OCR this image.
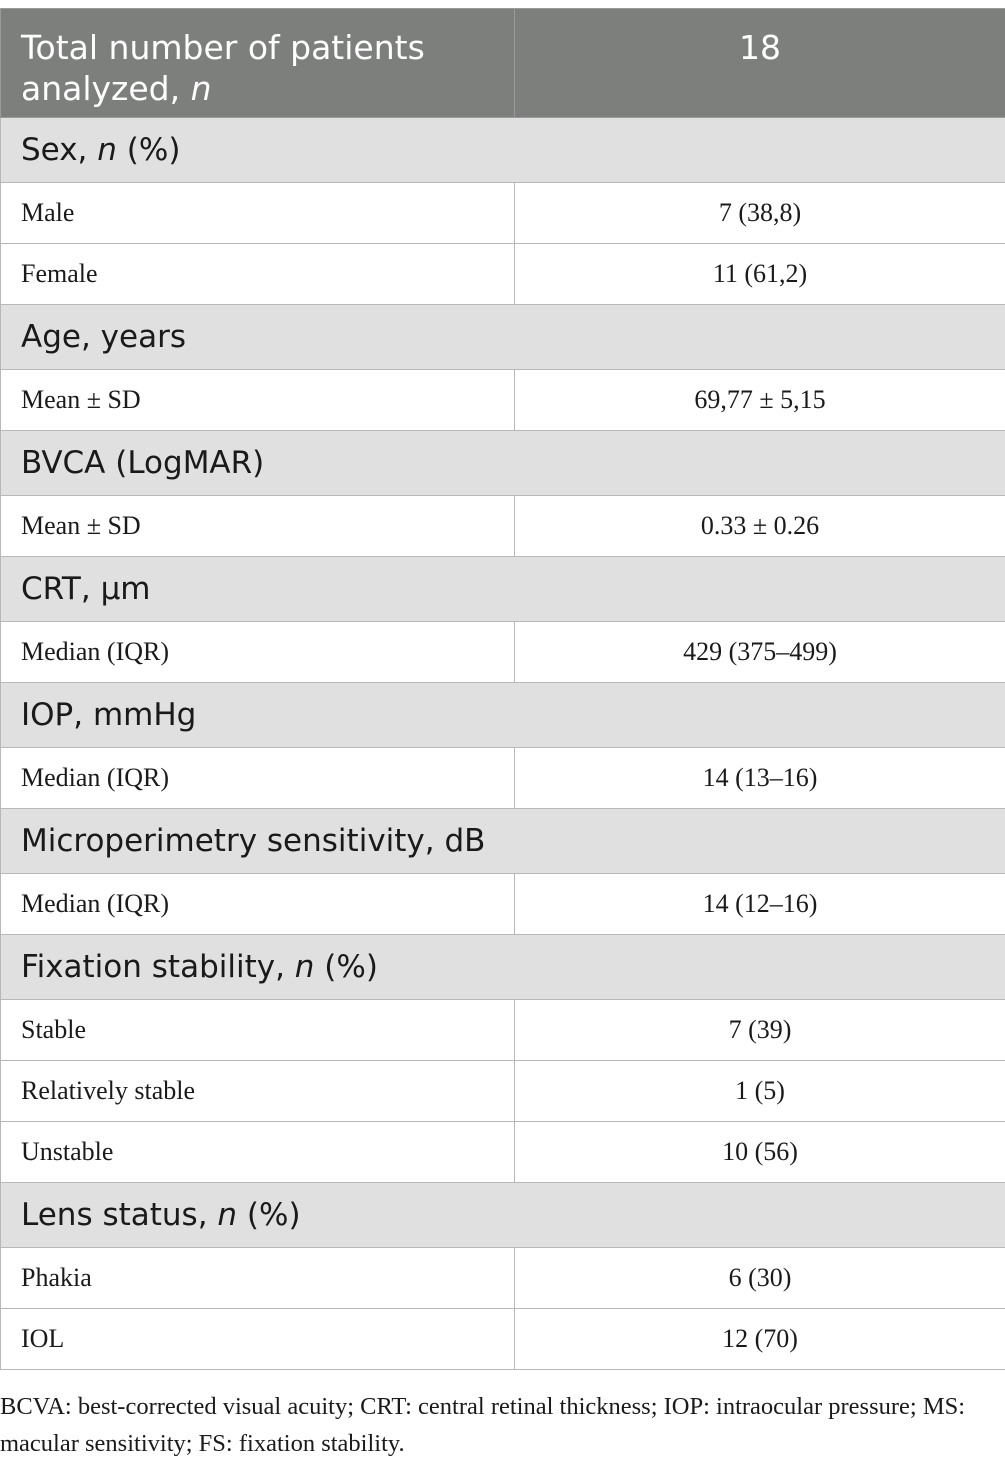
Total number of patients analyzed, n	18
Sex, n (%)	
Male	7 (38,8)
Female	11 (61,2)
Age, years	
Mean ± SD	69,77 ± 5,15
BVCA (LogMAR)	
Mean ± SD	0.33 ± 0.26
CRT, μm	
Median (IQR)	429 (375–499)
IOP, mmHg	
Median (IQR)	14 (13–16)
Microperimetry sensitivity, dB	
Median (IQR)	14 (12–16)
Fixation stability, n (%)	
Stable	7 (39)
Relatively stable	1 (5)
Unstable	10 (56)
Lens status, n (%)	
Phakia	6 (30)
IOL	12 (70)
BCVA: best-corrected visual acuity; CRT: central retinal thickness; IOP: intraocular pressure; MS: macular sensitivity; FS: fixation stability.
